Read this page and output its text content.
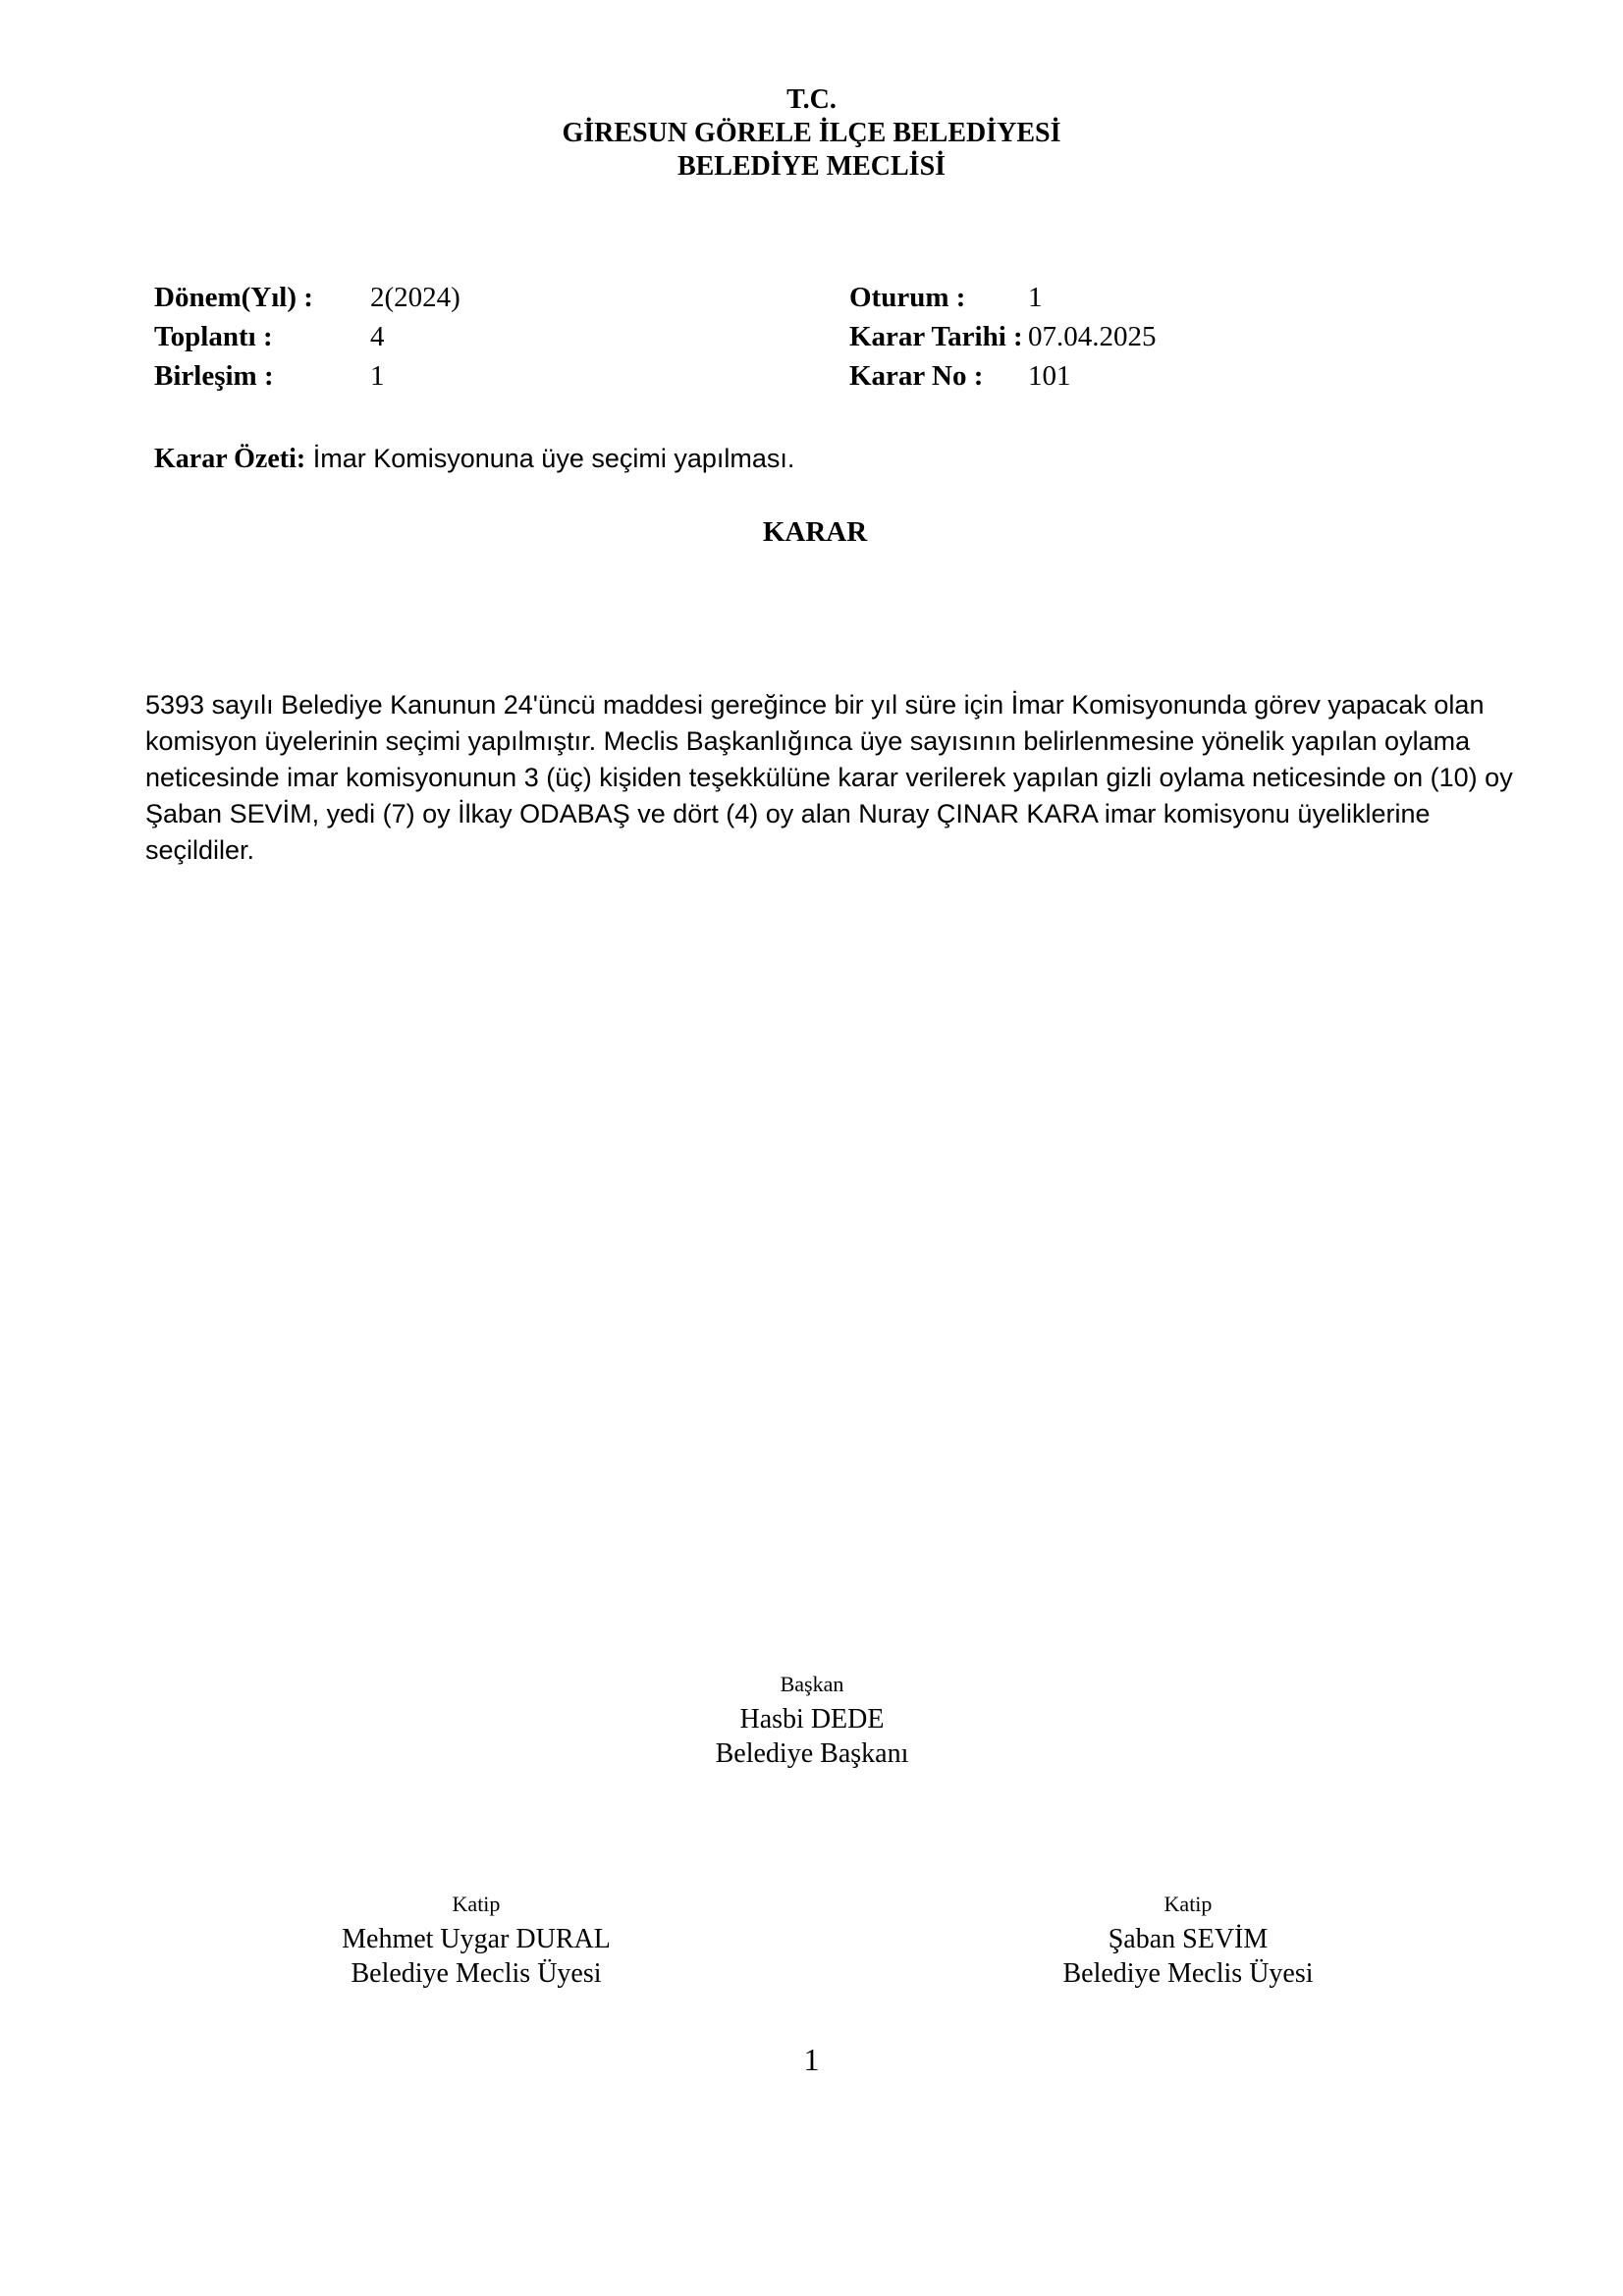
T.C.
GİRESUN GÖRELE İLÇE BELEDİYESİ
BELEDİYE MECLİSİ
Dönem(Yıl) : 2(2024)
Toplantı :	4
Birleşim :	1
Oturum : 1
Karar Tarihi : 07.04.2025
Karar No : 101
Karar Özeti: İmar Komisyonuna üye seçimi yapılması.
KARAR
5393 sayılı Belediye Kanunun 24'üncü maddesi gereğince bir yıl süre için İmar Komisyonunda görev yapacak olan komisyon üyelerinin seçimi yapılmıştır. Meclis Başkanlığınca üye sayısının belirlenmesine yönelik yapılan oylama neticesinde imar komisyonunun 3 (üç) kişiden teşekkülüne karar verilerek yapılan gizli oylama neticesinde on (10) oy Şaban SEVİM, yedi (7) oy İlkay ODABAŞ ve dört (4) oy alan Nuray ÇINAR KARA imar komisyonu üyeliklerine seçildiler.
Başkan
Hasbi DEDE
Belediye Başkanı
Katip
Mehmet Uygar DURAL
Belediye Meclis Üyesi
Katip
Şaban SEVİM
Belediye Meclis Üyesi
1
